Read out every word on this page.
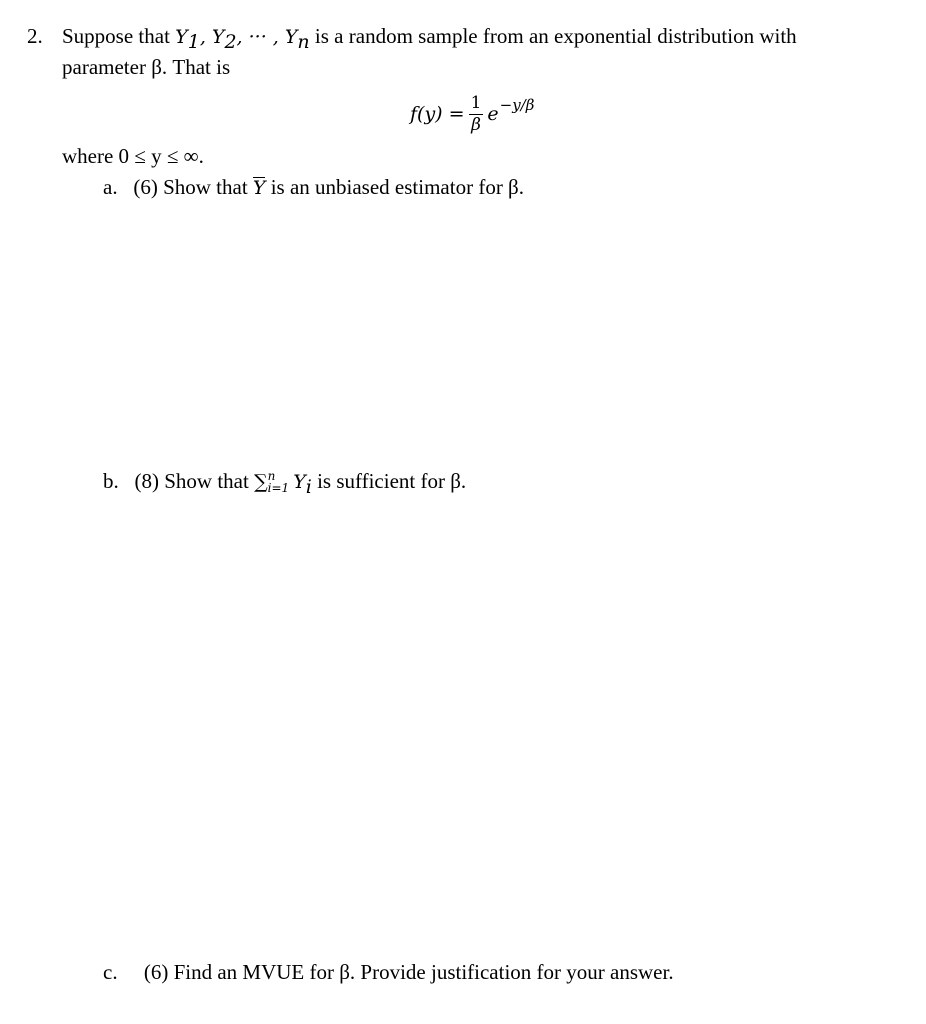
2. Suppose that $Y_1$, $Y_2$, ··· , $Y_n$ is a random sample from an exponential distribution with
parameter β. That is
$f(y) = \frac{1}{\beta}$ e −y/β
where 0 ≤ y ≤ ∞.
a. (6) Show that Y is an unbiased estimator for β.
b. (8) Show that ∑ n
i=1 $Y_i$ is sufficient for β.
c. (6) Find an MVUE for β. Provide justification for your answer.
